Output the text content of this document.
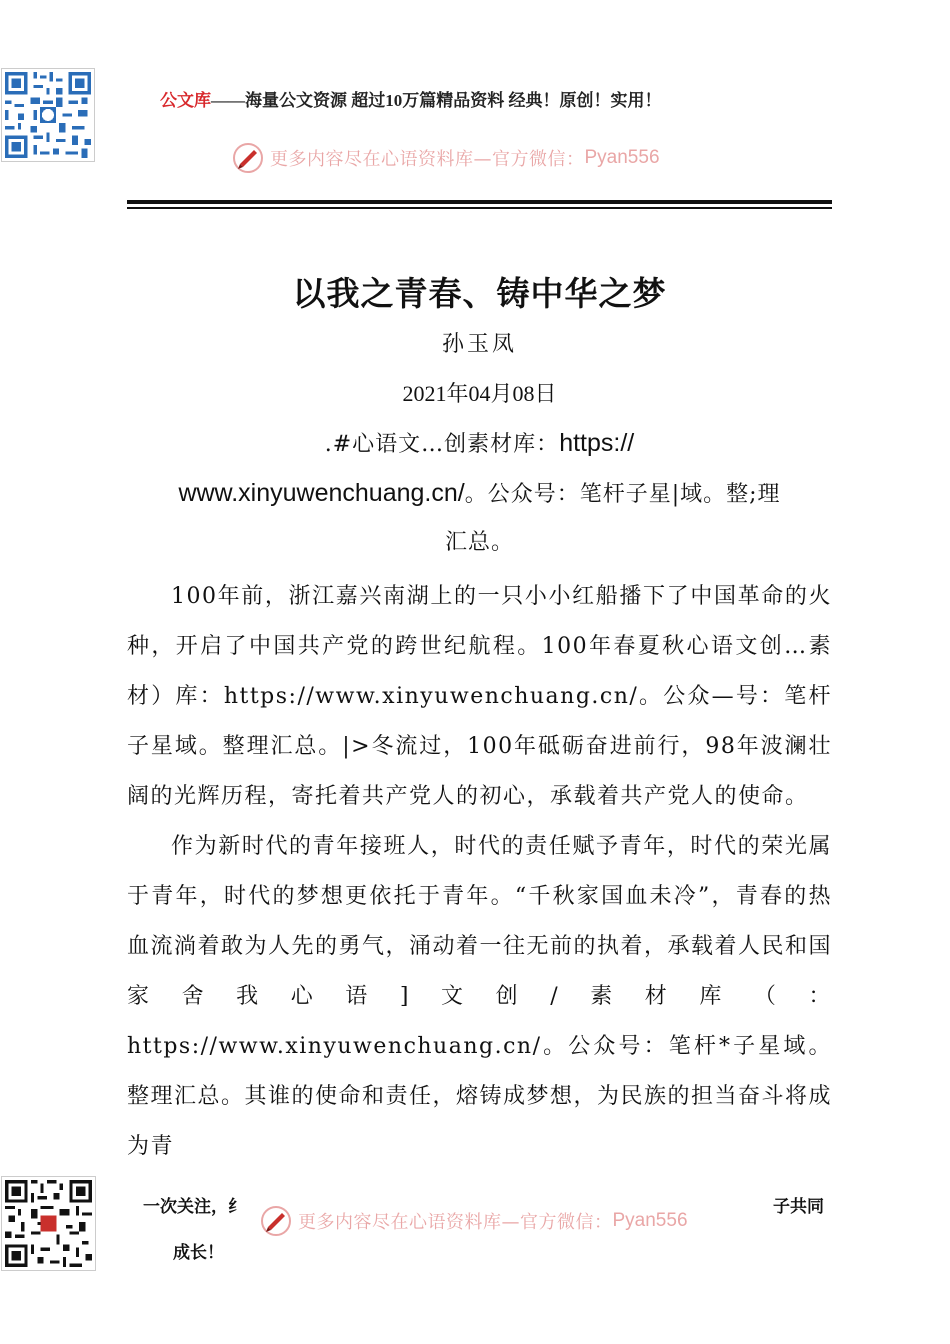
公文库——海量公文资源 超过10万篇精品资料 经典！原创！实用！
更多内容尽在心语资料库—官方微信： Pyan556
以我之青春、铸中华之梦
孙玉凤
2021年04月08日
.#心语文…创素材库：https://
www.xinyuwenchuang.cn/。公众号：笔杆子星|域。整;理
汇总。

100年前，浙江嘉兴南湖上的一只小小红船播下了中国革命的火种，开启了中国共产党的跨世纪航程。100年春夏秋心语文创…素材）库：https://www.xinyuwenchuang.cn/。公众—号：笔杆子星域。整理汇总。|>冬流过，100年砥砺奋进前行，98年波澜壮阔的光辉历程，寄托着共产党人的初心，承载着共产党人的使命。

作为新时代的青年接班人，时代的责任赋予青年，时代的荣光属于青年，时代的梦想更依托于青年。“千秋家国血未冷”，青春的热血流淌着敢为人先的勇气，涌动着一往无前的执着，承载着人民和国家舍我心语]文创/素材库（：https://www.xinyuwenchuang.cn/。公众号：笔杆*子星域。整理汇总。其谁的使命和责任，熔铸成梦想，为民族的担当奋斗将成为青

一次关注，纟	子共同
成长！
更多内容尽在心语资料库—官方微信： Pyan556
